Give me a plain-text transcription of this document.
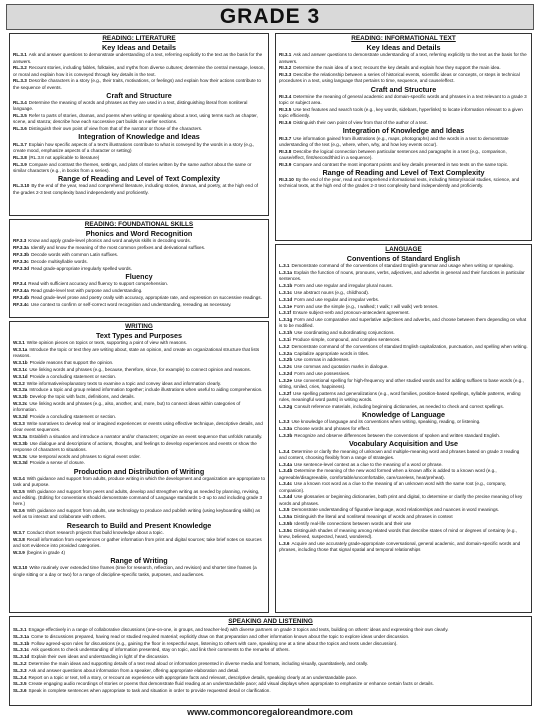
GRADE 3
READING: LITERATURE
Key Ideas and Details
RL.3.1 Ask and answer questions to demonstrate understanding of a text, referring explicitly to the text as the basis for the answers.
RL.3.2 Recount stories, including fables, folktales, and myths from diverse cultures; determine the central message, lesson, or moral and explain how it is conveyed through key details in the text.
RL.3.3 Describe characters in a story (e.g., their traits, motivations, or feelings) and explain how their actions contribute to the sequence of events.
Craft and Structure
RL.3.4 Determine the meaning of words and phrases as they are used in a text, distinguishing literal from nonliteral language.
RL.3.5 Refer to parts of stories, dramas, and poems when writing or speaking about a text, using terms such as chapter, scene, and stanza; describe how each successive part builds on earlier sections.
RL.3.6 Distinguish their own point of view from that of the narrator or those of the characters.
Integration of Knowledge and Ideas
RL.3.7 Explain how specific aspects of a text's illustrations contribute to what is conveyed by the words in a story (e.g., create mood, emphasize aspects of a character or setting)
RL.3.8 (RL.3.8 not applicable to literature)
RL.3.9 Compare and contrast the themes, settings, and plots of stories written by the same author about the same or similar characters (e.g., in books from a series).
Range of Reading and Level of Text Complexity
RL.3.10 By the end of the year, read and comprehend literature, including stories, dramas, and poetry, at the high end of the grades 2-3 text complexity band independently and proficiently.
READING: INFORMATIONAL TEXT
Key Ideas and Details
RI.3.1 Ask and answer questions to demonstrate understanding of a text, referring explicitly to the text as the basis for the answers.
RI.3.2 Determine the main idea of a text; recount the key details and explain how they support the main idea.
RI.3.3 Describe the relationship between a series of historical events, scientific ideas or concepts, or steps in technical procedures in a text, using language that pertains to time, sequence, and cause/effect.
Craft and Structure
RI.3.4 Determine the meaning of general academic and domain-specific words and phrases in a text relevant to a grade 3 topic or subject area.
RI.3.5 Use text features and search tools (e.g., key words, sidebars, hyperlinks) to locate information relevant to a given topic efficiently.
RI.3.6 Distinguish their own point of view from that of the author of a text.
Integration of Knowledge and Ideas
RI.3.7 Use information gained from illustrations (e.g., maps, photographs) and the words in a text to demonstrate understanding of the text (e.g., where, when, why, and how key events occur).
RI.3.8 Describe the logical connection between particular sentences and paragraphs in a text (e.g., comparison, cause/effect, first/second/third in a sequence).
RI.3.9 Compare and contrast the most important points and key details presented in two texts on the same topic.
Range of Reading and Level of Text Complexity
RI.3.10 By the end of the year, read and comprehend informational texts, including history/social studies, science, and technical texts, at the high end of the grades 2-3 text complexity band independently and proficiently.
READING: FOUNDATIONAL SKILLS
Phonics and Word Recognition
RF.3.3 Know and apply grade-level phonics and word analysis skills in decoding words.
RF.3.3a Identify and know the meaning of the most common prefixes and derivational suffixes.
RF.3.3b Decode words with common Latin suffixes.
RF.3.3c Decode multisyllable words.
RF.3.3d Read grade-appropriate irregularly spelled words.
Fluency
RF.3.4 Read with sufficient accuracy and fluency to support comprehension.
RF.3.4a Read grade-level text with purpose and understanding.
RF.3.4b Read grade-level prose and poetry orally with accuracy, appropriate rate, and expression on successive readings.
RF.3.4c Use context to confirm or self-correct word recognition and understanding, rereading as necessary.
WRITING
Text Types and Purposes
W.3.1 Write opinion pieces on topics or texts, supporting a point of view with reasons.
W.3.1a Introduce the topic or text they are writing about, state an opinion, and create an organizational structure that lists reasons.
W.3.1b Provide reasons that support the opinion.
W.3.1c Use linking words and phrases (e.g., because, therefore, since, for example) to connect opinion and reasons.
W.3.1d Provide a concluding statement or section.
W.3.2 Write informative/explanatory texts to examine a topic and convey ideas and information clearly.
W.3.2a Introduce a topic and group related information together; include illustrations when useful to aiding comprehension.
W.3.2b Develop the topic with facts, definitions, and details.
W.3.2c Use linking words and phrases (e.g., also, another, and, more, but) to connect ideas within categories of information.
W.3.2d Provide a concluding statement or section.
W.3.3 Write narratives to develop real or imagined experiences or events using effective technique, descriptive details, and clear event sequences.
W.3.3a Establish a situation and introduce a narrator and/or characters; organize an event sequence that unfolds naturally.
W.3.3b Use dialogue and descriptions of actions, thoughts, and feelings to develop experiences and events or show the response of characters to situations.
W.3.3c Use temporal words and phrases to signal event order.
W.3.3d Provide a sense of closure.
Production and Distribution of Writing
W.3.4 With guidance and support from adults, produce writing in which the development and organization are appropriate to task and purpose.
W.3.5 With guidance and support from peers and adults, develop and strengthen writing as needed by planning, revising, and editing. (Editing for conventions should demonstrate command of Language standards 1-3 up to and including grade 3 here.)
W.3.6 With guidance and support from adults, use technology to produce and publish writing (using keyboarding skills) as well as to interact and collaborate with others.
Research to Build and Present Knowledge
W.3.7 Conduct short research projects that build knowledge about a topic.
W.3.8 Recall information from experiences or gather information from print and digital sources; take brief notes on sources and sort evidence into provided categories.
W.3.9 (begins in grade 4)
Range of Writing
W.3.10 Write routinely over extended time frames (time for research, reflection, and revision) and shorter time frames (a single sitting or a day or two) for a range of discipline-specific tasks, purposes, and audiences.
LANGUAGE
Conventions of Standard English
L.3.1 Demonstrate command of the conventions of standard English grammar and usage when writing or speaking.
L.3.1a Explain the function of nouns, pronouns, verbs, adjectives, and adverbs in general and their functions in particular sentences.
L.3.1b Form and use regular and irregular plural nouns.
L.3.1c Use abstract nouns (e.g., childhood).
L.3.1d Form and use regular and irregular verbs.
L.3.1e Form and use the simple (e.g., I walked; I walk; I will walk) verb tenses.
L.3.1f Ensure subject-verb and pronoun-antecedent agreement.
L.3.1g Form and use comparative and superlative adjectives and adverbs, and choose between them depending on what is to be modified.
L.3.1h Use coordinating and subordinating conjunctions.
L.3.1i Produce simple, compound, and complex sentences.
L.3.2 Demonstrate command of the conventions of standard English capitalization, punctuation, and spelling when writing.
L.3.2a Capitalize appropriate words in titles.
L.3.2b Use commas in addresses.
L.3.2c Use commas and quotation marks in dialogue.
L.3.2d Form and use possessives.
L.3.2e Use conventional spelling for high-frequency and other studied words and for adding suffixes to base words (e.g., sitting, smiled, cries, happiness).
L.3.2f Use spelling patterns and generalizations (e.g., word families, position-based spellings, syllable patterns, ending rules, meaningful word parts) in writing words.
L.3.2g Consult reference materials, including beginning dictionaries, as needed to check and correct spellings.
Knowledge of Language
L.3.3 Use knowledge of language and its conventions when writing, speaking, reading, or listening.
L.3.3a Choose words and phrases for effect.
L.3.3b Recognize and observe differences between the conventions of spoken and written standard English.
Vocabulary Acquisition and Use
L.3.4 Determine or clarify the meaning of unknown and multiple-meaning word and phrases based on grade 3 reading and content, choosing flexibly from a range of strategies.
L.3.4a Use sentence-level context as a clue to the meaning of a word or phrase.
L.3.4b Determine the meaning of the new word formed when a known affix is added to a known word (e.g., agreeable/disagreeable, comfortable/uncomfortable, care/careless, heat/preheat).
L.3.4c Use a known root word as a clue to the meaning of an unknown word with the same root (e.g., company, companion).
L.3.4d Use glossaries or beginning dictionaries, both print and digital, to determine or clarify the precise meaning of key words and phrases.
L.3.5 Demonstrate understanding of figurative language, word relationships and nuances in word meanings.
L.3.5a Distinguish the literal and nonliteral meanings of words and phrases in context
L.3.5b Identify real-life connections between words and their use
L.3.5c Distinguish shades of meaning among related words that describe states of mind or degrees of certainty (e.g., knew, believed, suspected, heard, wondered).
L.3.6 Acquire and use accurately grade-appropriate conversational, general academic, and domain-specific words and phrases, including those that signal spatial and temporal relationships
SPEAKING AND LISTENING
SL.3.1 Engage effectively in a range of collaborative discussions (one-on-one, in groups, and teacher-led) with diverse partners on grade 3 topics and texts, building on others' ideas and expressing their own clearly.
SL.3.1a Come to discussions prepared, having read or studied required material; explicitly draw on that preparation and other information known about the topic to explore ideas under discussion.
SL.3.1b Follow agreed-upon rules for discussions (e.g., gaining the floor in respectful ways, listening to others with care, speaking one at a time about the topics and texts under discussion).
SL.3.1c Ask questions to check understanding of information presented, stay on topic, and link their comments to the remarks of others.
SL.3.1d Explain their own ideas and understanding in light of the discussion.
SL.3.2 Determine the main ideas and supporting details of a text read aloud or information presented in diverse media and formats, including visually, quantitatively, and orally.
SL.3.3 Ask and answer questions about information from a speaker, offering appropriate elaboration and detail.
SL.3.4 Report on a topic or text, tell a story, or recount an experience with appropriate facts and relevant, descriptive details, speaking clearly at an understandable pace.
SL.3.5 Create engaging audio recordings of stories or poems that demonstrate fluid reading at an understandable pace; add visual displays when appropriate to emphasize or enhance certain facts or details.
SL.3.6 Speak in complete sentences when appropriate to task and situation in order to provide requested detail or clarification.
www.commoncoregaloreandmore.com
